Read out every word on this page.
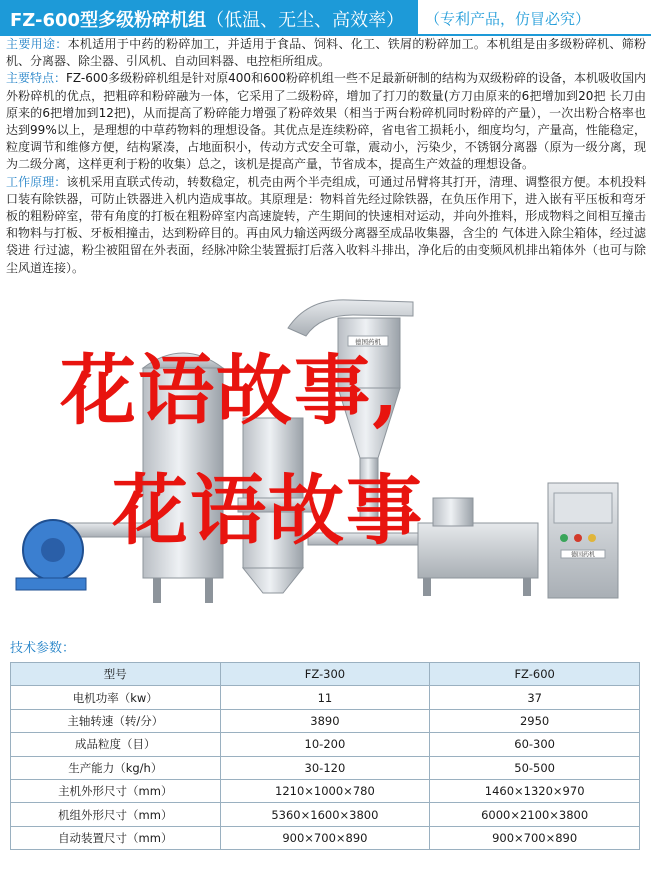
FZ-600型多级粉碎机组（低温、无尘、高效率） （专利产品，仿冒必究）

主要用途：本机适用于中药的粉碎加工，并适用于食品、饲料、化工、铁屑的粉碎加工。本机组是由多级粉碎机、筛粉机、分离器、除尘器、引风机、自动回料器、电控柜所组成。

主要特点：FZ-600多级粉碎机组是针对原400和600粉碎机组一些不足最新研制的结构为双级粉碎的设备，本机吸收国内外粉碎机的优点，把粗碎和粉碎融为一体，它采用了二级粉碎，增加了打刀的数量(方刀由原来的6把增加到20把 长刀由原来的6把增加到12把)，从而提高了粉碎能力增强了粉碎效果（相当于两台粉碎机同时粉碎的产量），一次出粉合格率也达到99%以上，是理想的中草药物料的理想设备。其优点是连续粉碎，省电省工损耗小，细度均匀，产量高，性能稳定，粒度调节和维修方便，结构紧凑，占地面积小，传动方式安全可靠，震动小，污染少，不锈钢分离器（原为一级分离，现为二级分离，这样更利于粉的收集）总之，该机是提高产量，节省成本，提高生产效益的理想设备。

工作原理：该机采用直联式传动，转数稳定，机壳由两个半壳组成，可通过吊臂将其打开，清理、调整很方便。本机投料口装有除铁器，可防止铁器进入机内造成事故。其原理是：物料首先经过除铁器，在负压作用下，进入嵌有平压板和弯牙板的粗粉碎室，带有角度的打板在粗粉碎室内高速旋转，产生期间的快速相对运动，并向外推料，形成物料之间相互撞击和物料与打板、牙板相撞击，达到粉碎目的。再由风力输送两级分离器至成品收集器，含尘的 气体进入除尘箱体，经过滤袋进 行过滤，粉尘被阻留在外表面，经脉冲除尘装置振打后落入收料斗排出，净化后的由变频风机排出箱体外（也可与除尘风道连接）。

德国药机
德国药机
花语故事,
花语故事
技术参数：
型号	FZ-300	FZ-600
电机功率（kw）	11	37
主轴转速（转/分）	3890	2950
成品粒度（目）	10-200	60-300
生产能力（kg/h）	30-120	50-500
主机外形尺寸（mm）	1210×1000×780	1460×1320×970
机组外形尺寸（mm）	5360×1600×3800	6000×2100×3800
自动装置尺寸（mm）	900×700×890	900×700×890
